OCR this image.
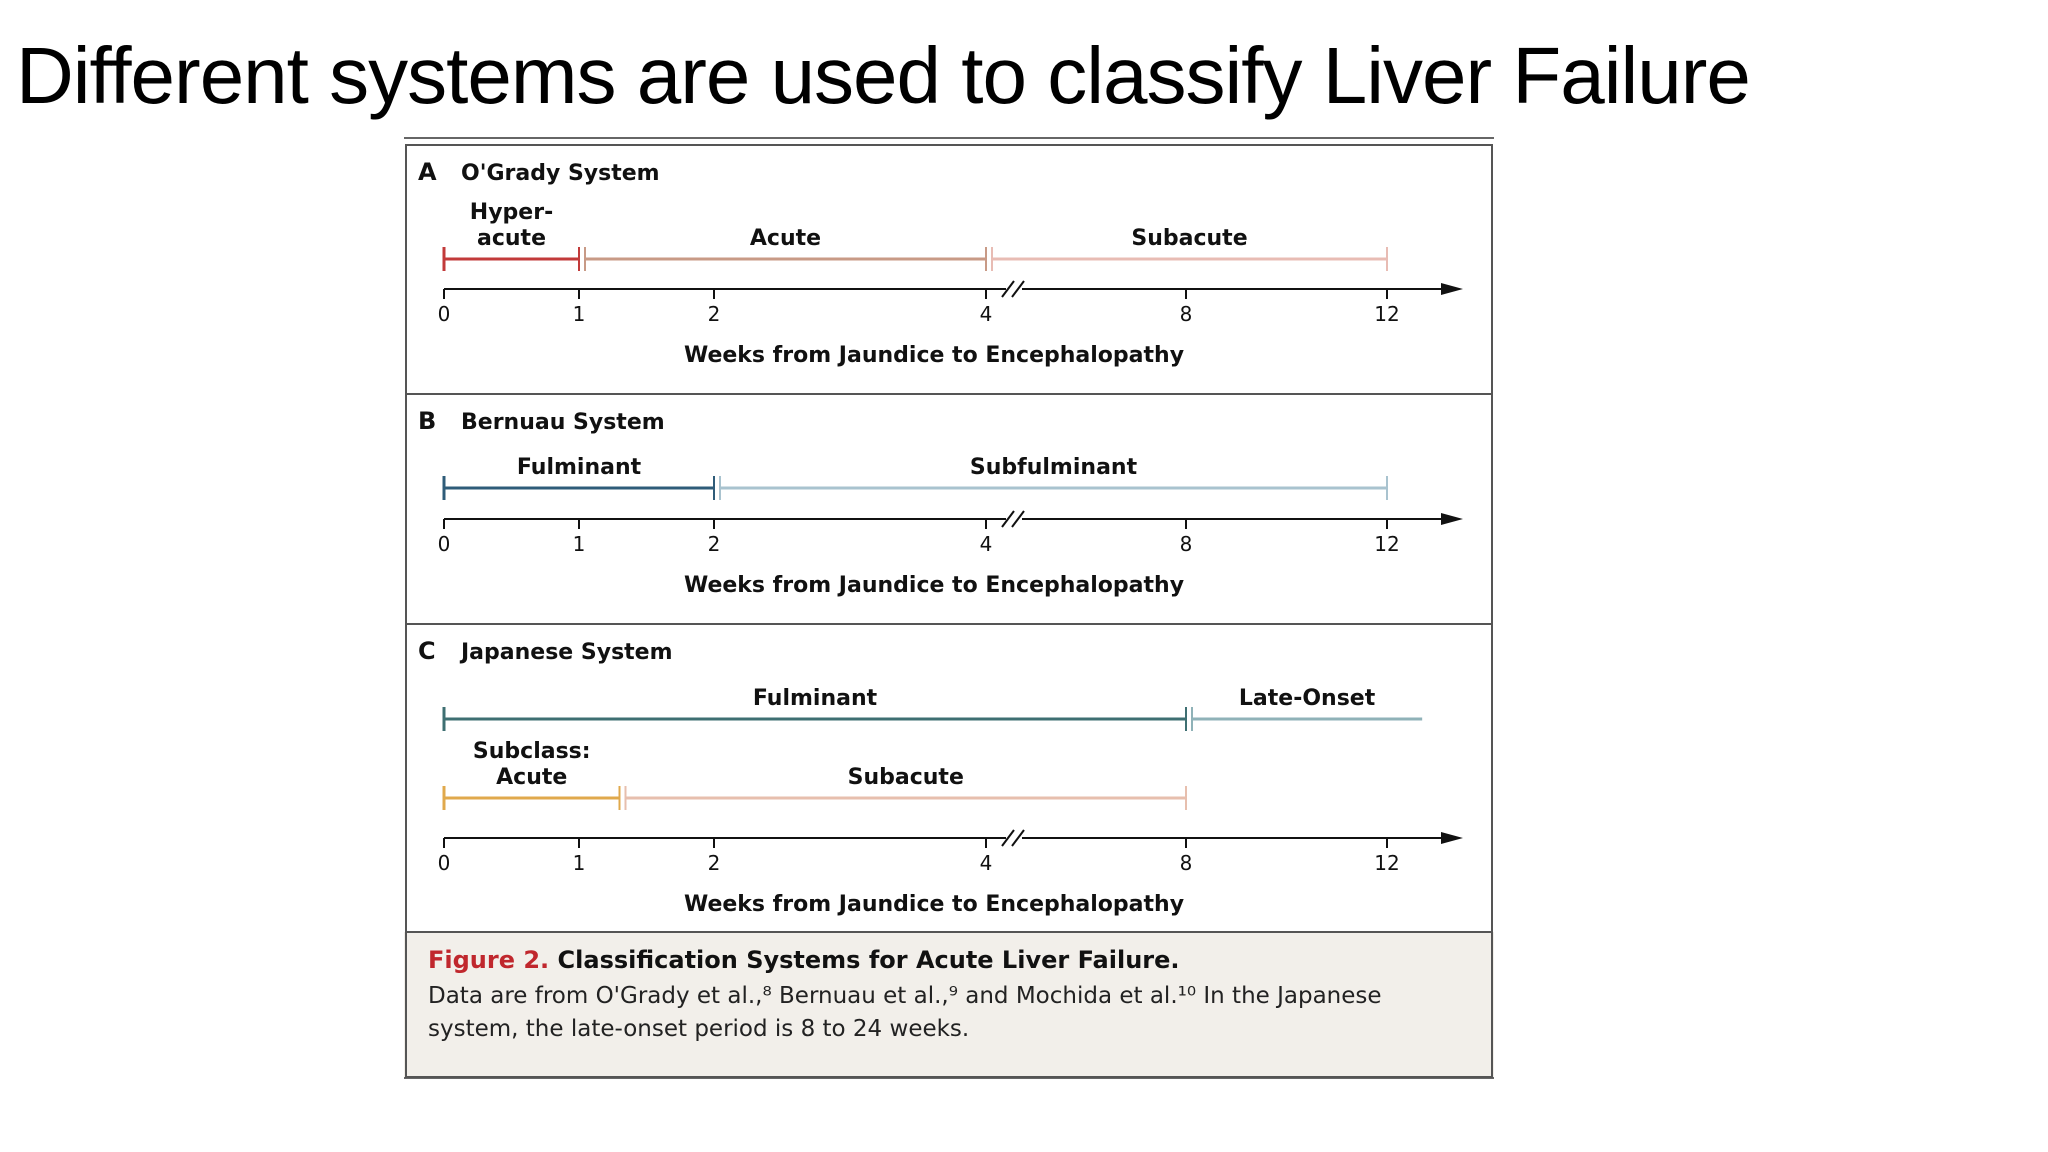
Different systems are used to classify Liver Failure
A O'Grady System
Hyper-
acute	Acute	Subacute
0	1	2	4	8	12
Weeks from Jaundice to Encephalopathy
B Bernuau System
Fulminant	Subfulminant
0	1	2	4	8	12
Weeks from Jaundice to Encephalopathy
C Japanese System
Fulminant	Late-Onset
Subclass:
Acute	Subacute
0	1	2	4	8	12
Weeks from Jaundice to Encephalopathy
Figure 2. Classification Systems for Acute Liver Failure.
Data are from O'Grady et al.,⁸ Bernuau et al.,⁹ and Mochida et al.¹⁰ In the Japanese system, the late-onset period is 8 to 24 weeks.
